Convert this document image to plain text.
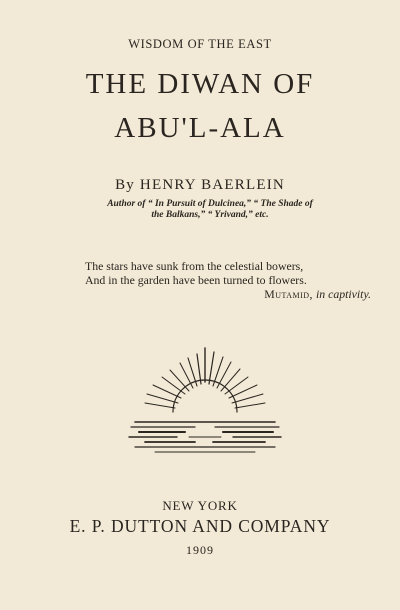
WISDOM OF THE EAST
THE DIWAN OF
ABU'L-ALA
By HENRY BAERLEIN
Author of “ In Pursuit of Dulcinea,” “ The Shade of
the Balkans,” “ Yrivand,” etc.
The stars have sunk from the celestial bowers,
And in the garden have been turned to flowers.
Mutamid, in captivity.
NEW YORK
E. P. DUTTON AND COMPANY
1909
